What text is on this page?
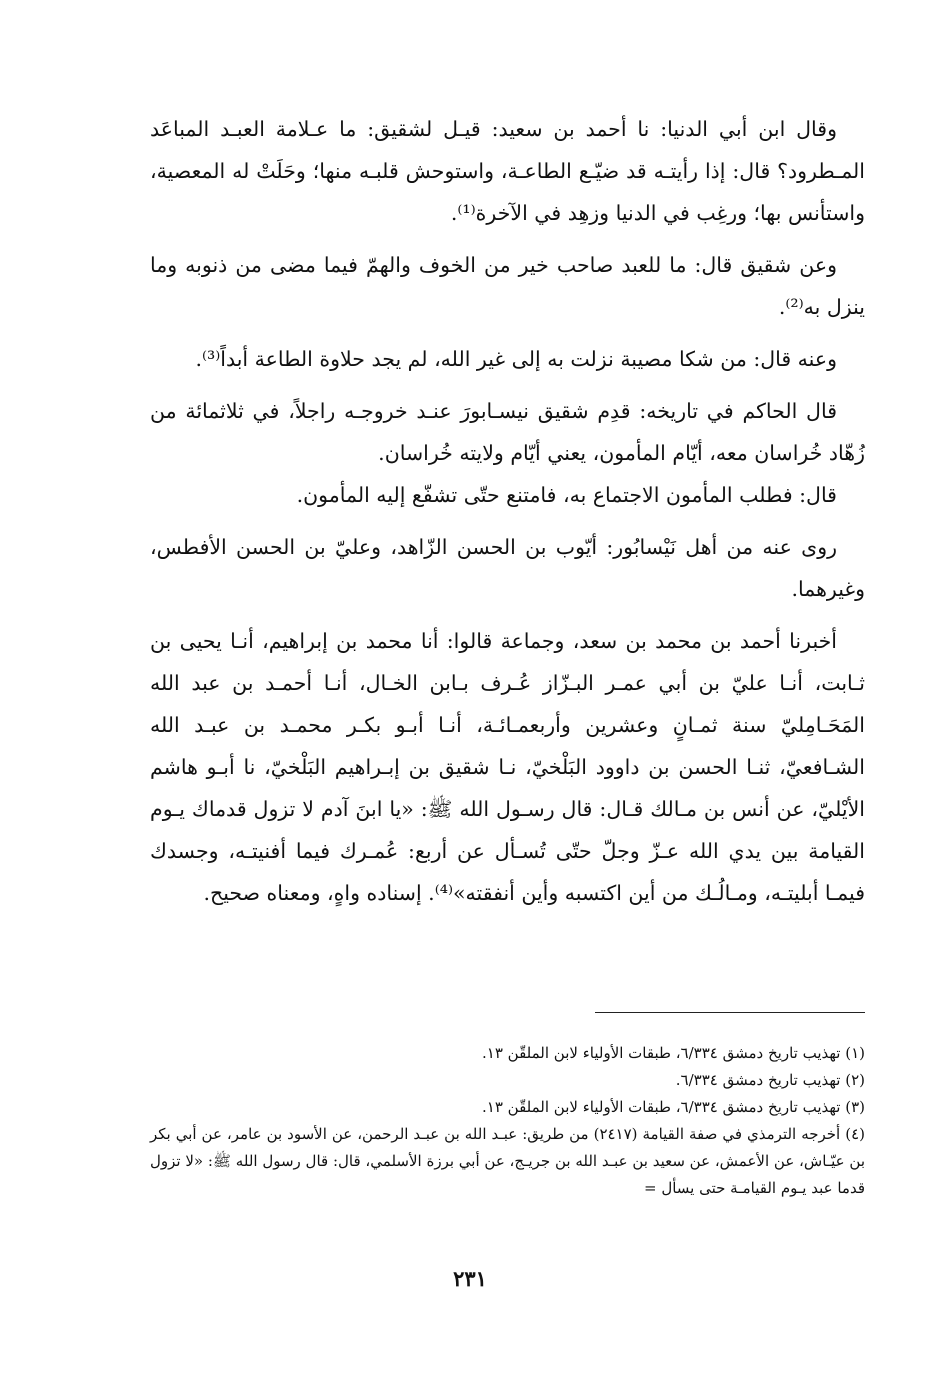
وقال ابن أبي الدنيا: نا أحمد بن سعيد: قيـل لشقيق: ما عـلامة العبـد المباعَد المـطرود؟ قال: إذا رأيتـه قد ضيّـع الطاعـة، واستوحش قلبـه منها؛ وحَلَتْ له المعصية، واستأنس بها؛ ورغِب في الدنيا وزهِد في الآخرة⁽¹⁾.

وعن شقيق قال: ما للعبد صاحب خير من الخوف والهمّ فيما مضى من ذنوبه وما ينزل به⁽²⁾.

وعنه قال: من شكا مصيبة نزلت به إلى غير الله، لم يجد حلاوة الطاعة أبداً⁽³⁾.

قال الحاكم في تاريخه: قدِم شقيق نيسـابورَ عنـد خروجـه راجلاً، في ثلاثمائة من زُهّاد خُراسان معه، أيّام المأمون، يعني أيّام ولايته خُراسان.

قال: فطلب المأمون الاجتماع به، فامتنع حتّى تشفّع إليه المأمون.

روى عنه من أهل نَيْسابُور: أيّوب بن الحسن الزّاهد، وعليّ بن الحسن الأفطس، وغيرهما.

أخبرنا أحمد بن محمد بن سعد، وجماعة قالوا: أنا محمد بن إبراهيم، أنـا يحيى بن ثـابت، أنـا عليّ بن أبي عمـر البـزّاز عُـرف بـابن الخـال، أنـا أحمـد بن عبد الله المَحَـامِليّ سنة ثمـانٍ وعشرين وأربعمـائـة، أنـا أبـو بكـر محمـد بن عبـد الله الشـافعيّ، ثنـا الحسن بن داوود البَلْخيّ، نـا شقيق بن إبـراهيم البَلْخيّ، نا أبـو هاشم الأيْليّ، عن أنس بن مـالك قـال: قال رسـول الله ﷺ: «يا ابنَ آدم لا تزول قدماك يـوم القيامة بين يدي الله عـزّ وجلّ حتّى تُسـأل عن أربع: عُمـرك فيما أفنيتـه، وجسدك فيمـا أبليتـه، ومـالُـك من أين اكتسبه وأين أنفقته»⁽⁴⁾. إسناده واهٍ، ومعناه صحيح.

(١) تهذيب تاريخ دمشق ٦/٣٣٤، طبقات الأولياء لابن الملقّن ١٣.

(٢) تهذيب تاريخ دمشق ٦/٣٣٤.

(٣) تهذيب تاريخ دمشق ٦/٣٣٤، طبقات الأولياء لابن الملقّن ١٣.

(٤) أخرجه الترمذي في صفة القيامة (٢٤١٧) من طريق: عبـد الله بن عبـد الرحمن، عن الأسود بن عامر، عن أبي بكر بن عيّـاش، عن الأعمش، عن سعيد بن عبـد الله بن جريـج، عن أبي برزة الأسلمي، قال: قال رسول الله ﷺ: «لا تزول قدما عبد يـوم القيامـة حتى يسأل =

٢٣١
